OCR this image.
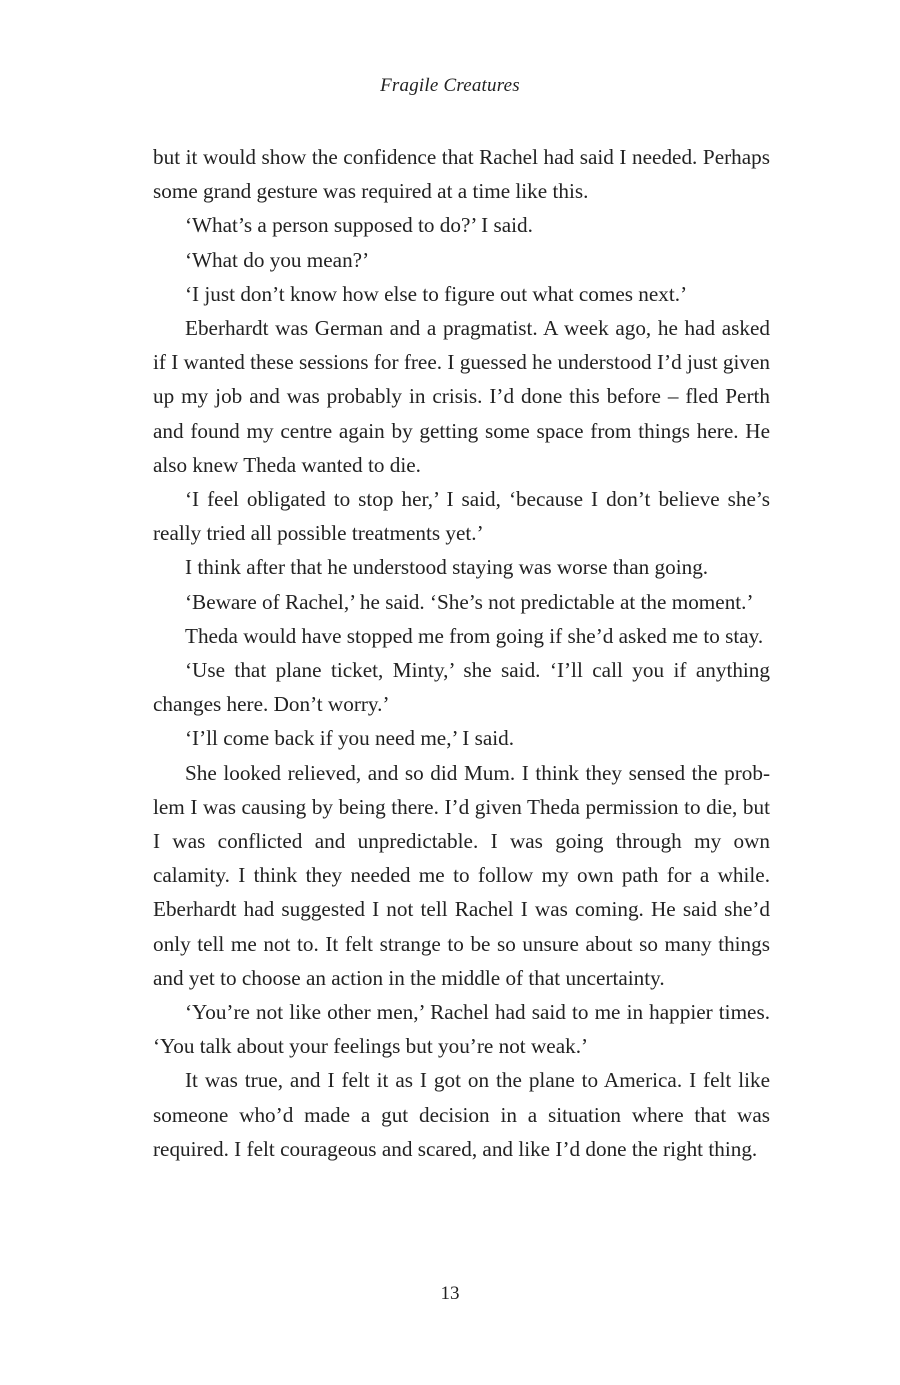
Fragile Creatures

but it would show the confidence that Rachel had said I needed. Perhaps some grand gesture was required at a time like this.

‘What’s a person supposed to do?’ I said.

‘What do you mean?’

‘I just don’t know how else to figure out what comes next.’

Eberhardt was German and a pragmatist. A week ago, he had asked if I wanted these sessions for free. I guessed he understood I’d just given up my job and was probably in crisis. I’d done this before – fled Perth and found my centre again by getting some space from things here. He also knew Theda wanted to die.

‘I feel obligated to stop her,’ I said, ‘because I don’t believe she’s really tried all possible treatments yet.’

I think after that he understood staying was worse than going.

‘Beware of Rachel,’ he said. ‘She’s not predictable at the moment.’

Theda would have stopped me from going if she’d asked me to stay.

‘Use that plane ticket, Minty,’ she said. ‘I’ll call you if anything changes here. Don’t worry.’

‘I’ll come back if you need me,’ I said.

She looked relieved, and so did Mum. I think they sensed the problem I was causing by being there. I’d given Theda permission to die, but I was conflicted and unpredictable. I was going through my own calamity. I think they needed me to follow my own path for a while. Eberhardt had suggested I not tell Rachel I was coming. He said she’d only tell me not to. It felt strange to be so unsure about so many things and yet to choose an action in the middle of that uncertainty.

‘You’re not like other men,’ Rachel had said to me in happier times. ‘You talk about your feelings but you’re not weak.’

It was true, and I felt it as I got on the plane to America. I felt like someone who’d made a gut decision in a situation where that was required. I felt courageous and scared, and like I’d done the right thing.

13
